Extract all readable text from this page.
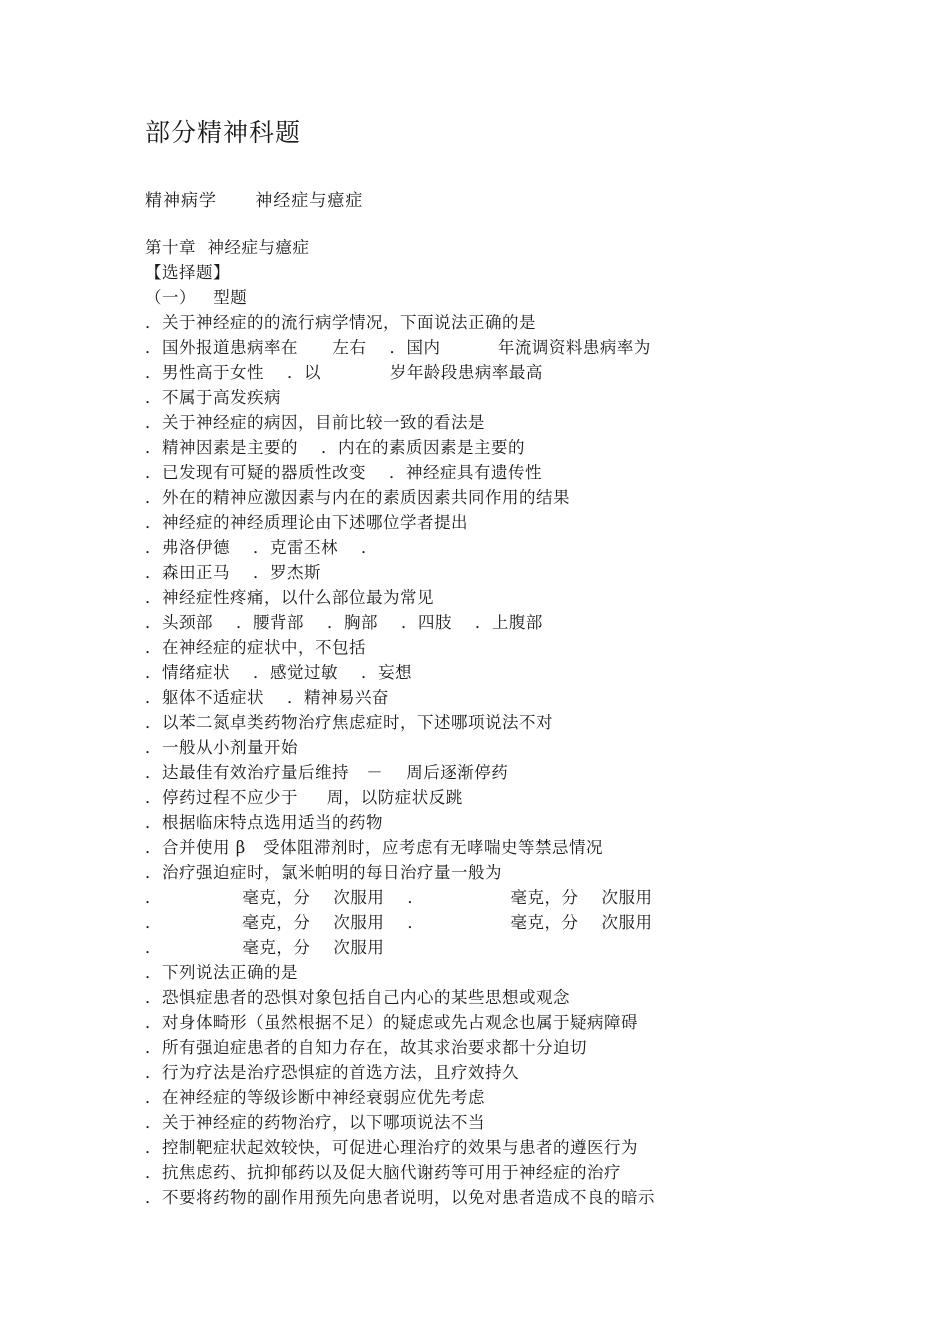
部分精神科题
精神病学      神经症与癔症
第十章  神经症与癔症
【选择题】
（一）   型题
．关于神经症的的流行病学情况，下面说法正确的是
．国外报道患病率在      左右    ．国内          年流调资料患病率为
．男性高于女性    ．以            岁年龄段患病率最高
．不属于高发疾病
．关于神经症的病因，目前比较一致的看法是
．精神因素是主要的    ．内在的素质因素是主要的
．已发现有可疑的器质性改变    ．神经症具有遗传性
．外在的精神应激因素与内在的素质因素共同作用的结果
．神经症的神经质理论由下述哪位学者提出
．弗洛伊德    ．克雷丕林    ．
．森田正马    ．罗杰斯
．神经症性疼痛，以什么部位最为常见
．头颈部    ．腰背部    ．胸部    ．四肢    ．上腹部
．在神经症的症状中，不包括
．情绪症状    ．感觉过敏    ．妄想
．躯体不适症状    ．精神易兴奋
．以苯二氮卓类药物治疗焦虑症时，下述哪项说法不对
．一般从小剂量开始
．达最佳有效治疗量后维持   －    周后逐渐停药
．停药过程不应少于     周，以防症状反跳
．根据临床特点选用适当的药物
．合并使用 β   受体阻滞剂时，应考虑有无哮喘史等禁忌情况
．治疗强迫症时，氯米帕明的每日治疗量一般为
．              毫克，分    次服用    ．               毫克，分    次服用
．              毫克，分    次服用    ．               毫克，分    次服用
．              毫克，分    次服用
．下列说法正确的是
．恐惧症患者的恐惧对象包括自己内心的某些思想或观念
．对身体畸形（虽然根据不足）的疑虑或先占观念也属于疑病障碍
．所有强迫症患者的自知力存在，故其求治要求都十分迫切
．行为疗法是治疗恐惧症的首选方法，且疗效持久
．在神经症的等级诊断中神经衰弱应优先考虑
．关于神经症的药物治疗，以下哪项说法不当
．控制靶症状起效较快，可促进心理治疗的效果与患者的遵医行为
．抗焦虑药、抗抑郁药以及促大脑代谢药等可用于神经症的治疗
．不要将药物的副作用预先向患者说明，以免对患者造成不良的暗示
